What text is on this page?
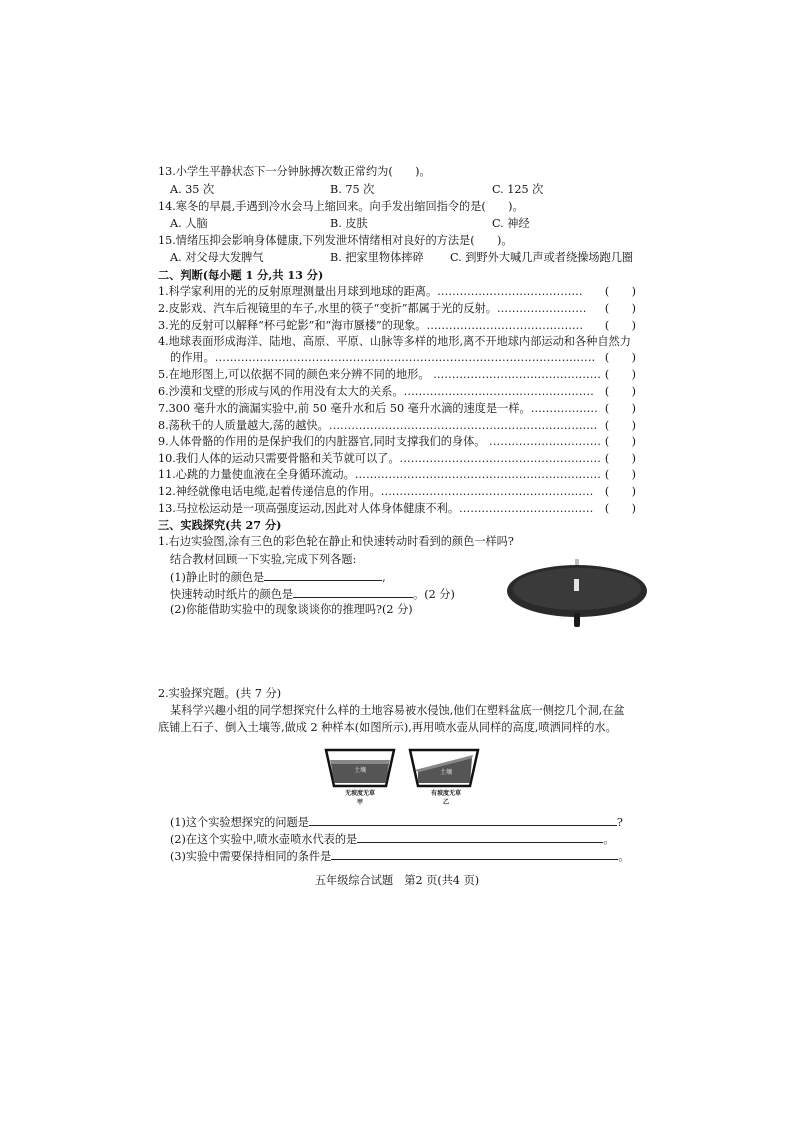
13.小学生平静状态下一分钟脉搏次数正常约为(　　)。
A. 35 次	B. 75 次	C. 125 次
14.寒冬的早晨,手遇到冷水会马上缩回来。向手发出缩回指令的是(　　)。
A. 人脑	B. 皮肤	C. 神经
15.情绪压抑会影响身体健康,下列发泄坏情绪相对良好的方法是(　　)。
A. 对父母大发脾气	B. 把家里物体摔碎 C. 到野外大喊几声或者绕操场跑几圈
二、判断(每小题 1 分,共 13 分)
1.科学家利用的光的反射原理测量出月球到地球的距离。………………………………… (　　)
2.皮影戏、汽车后视镜里的车子,水里的筷子“变折”都属于光的反射。…………………… (　　)
3.光的反射可以解释“杯弓蛇影”和“海市蜃楼”的现象。…………………………………… (　　)
4.地球表面形成海洋、陆地、高原、平原、山脉等多样的地形,离不开地球内部运动和各种自然力
的作用。………………………………………………………………………………………… (　　)
5.在地形图上,可以依据不同的颜色来分辨不同的地形。 ……………………………………… (　　)
6.沙漠和戈壁的形成与风的作用没有太大的关系。…………………………………………… (　　)
7.300 毫升水的滴漏实验中,前 50 毫升水和后 50 毫升水滴的速度是一样。……………… (　　)
8.荡秋千的人质量越大,荡的越快。……………………………………………………………… (　　)
9.人体骨骼的作用的是保护我们的内脏器官,同时支撑我们的身体。 ………………………… (　　)
10.我们人体的运动只需要骨骼和关节就可以了。……………………………………………… (　　)
11.心跳的力量使血液在全身循环流动。………………………………………………………… (　　)
12.神经就像电话电缆,起着传递信息的作用。………………………………………………… (　　)
13.马拉松运动是一项高强度运动,因此对人体身体健康不利。……………………………… (　　)
三、实践探究(共 27 分)
1.右边实验图,涂有三色的彩色轮在静止和快速转动时看到的颜色一样吗?
结合教材回顾一下实验,完成下列各题:
(1)静止时的颜色是	,
快速转动时纸片的颜色是	。(2 分)
(2)你能借助实验中的现象谈谈你的推理吗?(2 分)
2.实验探究题。(共 7 分)
某科学兴趣小组的同学想探究什么样的土地容易被水侵蚀,他们在塑料盆底一侧挖几个洞,在盆
底铺上石子、倒入土壤等,做成 2 种样本(如图所示),再用喷水壶从同样的高度,喷洒同样的水。
土壤
无坡度无草
甲
土壤
有坡度无草
乙
(1)这个实验想探究的问题是	?
(2)在这个实验中,喷水壶喷水代表的是	。
(3)实验中需要保持相同的条件是	。
五年级综合试题　第2 页(共4 页)
